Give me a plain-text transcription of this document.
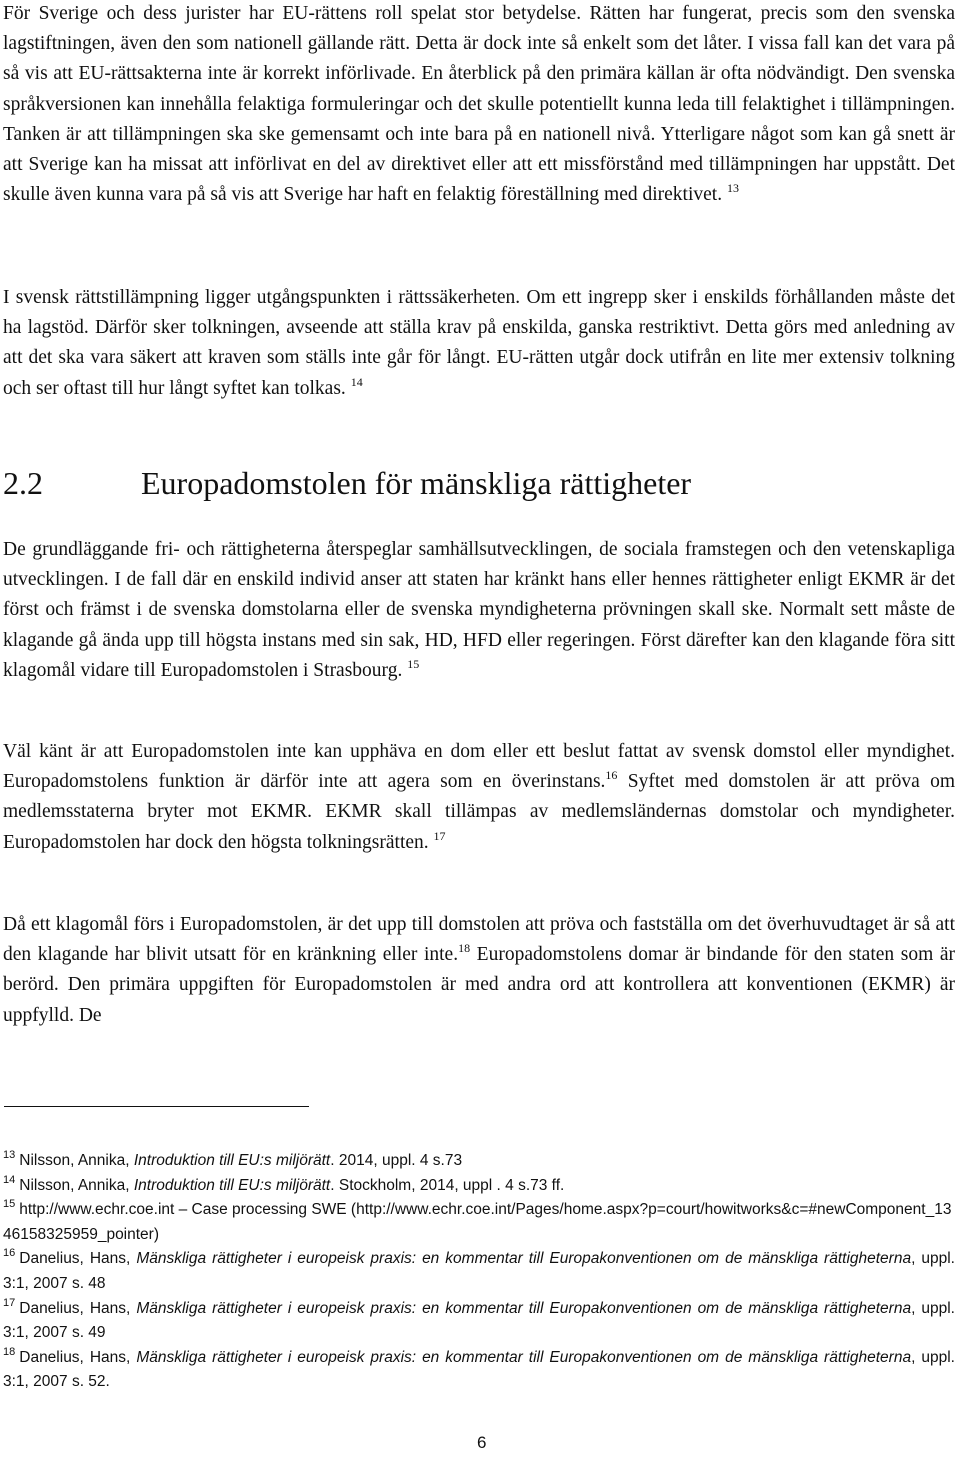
För Sverige och dess jurister har EU-rättens roll spelat stor betydelse. Rätten har fungerat, precis som den svenska lagstiftningen, även den som nationell gällande rätt. Detta är dock inte så enkelt som det låter. I vissa fall kan det vara på så vis att EU-rättsakterna inte är korrekt införlivade. En återblick på den primära källan är ofta nödvändigt. Den svenska språkversionen kan innehålla felaktiga formuleringar och det skulle potentiellt kunna leda till felaktighet i tillämpningen. Tanken är att tillämpningen ska ske gemensamt och inte bara på en nationell nivå. Ytterligare något som kan gå snett är att Sverige kan ha missat att införlivat en del av direktivet eller att ett missförstånd med tillämpningen har uppstått. Det skulle även kunna vara på så vis att Sverige har haft en felaktig föreställning med direktivet. $^{13}$

I svensk rättstillämpning ligger utgångspunkten i rättssäkerheten. Om ett ingrepp sker i enskilds förhållanden måste det ha lagstöd. Därför sker tolkningen, avseende att ställa krav på enskilda, ganska restriktivt. Detta görs med anledning av att det ska vara säkert att kraven som ställs inte går för långt. EU-rätten utgår dock utifrån en lite mer extensiv tolkning och ser oftast till hur långt syftet kan tolkas. $^{14}$

2.2	Europadomstolen för mänskliga rättigheter

De grundläggande fri- och rättigheterna återspeglar samhällsutvecklingen, de sociala framstegen och den vetenskapliga utvecklingen. I de fall där en enskild individ anser att staten har kränkt hans eller hennes rättigheter enligt EKMR är det först och främst i de svenska domstolarna eller de svenska myndigheterna prövningen skall ske. Normalt sett måste de klagande gå ända upp till högsta instans med sin sak, HD, HFD eller regeringen. Först därefter kan den klagande föra sitt klagomål vidare till Europadomstolen i Strasbourg. $^{15}$

Väl känt är att Europadomstolen inte kan upphäva en dom eller ett beslut fattat av svensk domstol eller myndighet. Europadomstolens funktion är därför inte att agera som en överinstans.$^{16}$ Syftet med domstolen är att pröva om medlemsstaterna bryter mot EKMR. EKMR skall tillämpas av medlemsländernas domstolar och myndigheter. Europadomstolen har dock den högsta tolkningsrätten. $^{17}$

Då ett klagomål förs i Europadomstolen, är det upp till domstolen att pröva och fastställa om det överhuvudtaget är så att den klagande har blivit utsatt för en kränkning eller inte.$^{18}$ Europadomstolens domar är bindande för den staten som är berörd. Den primära uppgiften för Europadomstolen är med andra ord att kontrollera att konventionen (EKMR) är uppfylld. De

$^{13}$ Nilsson, Annika, Introduktion till EU:s miljörätt. 2014, uppl. 4 s.73
$^{14}$ Nilsson, Annika, Introduktion till EU:s miljörätt. Stockholm, 2014, uppl . 4 s.73 ff.
$^{15}$ http://www.echr.coe.int – Case processing SWE (http://www.echr.coe.int/Pages/home.aspx?p=court/howitworks&c=#newComponent_1346158325959_pointer)
$^{16}$ Danelius, Hans, Mänskliga rättigheter i europeisk praxis: en kommentar till Europakonventionen om de mänskliga rättigheterna, uppl. 3:1, 2007 s. 48
$^{17}$ Danelius, Hans, Mänskliga rättigheter i europeisk praxis: en kommentar till Europakonventionen om de mänskliga rättigheterna, uppl. 3:1, 2007 s. 49
$^{18}$ Danelius, Hans, Mänskliga rättigheter i europeisk praxis: en kommentar till Europakonventionen om de mänskliga rättigheterna, uppl. 3:1, 2007 s. 52.
6
